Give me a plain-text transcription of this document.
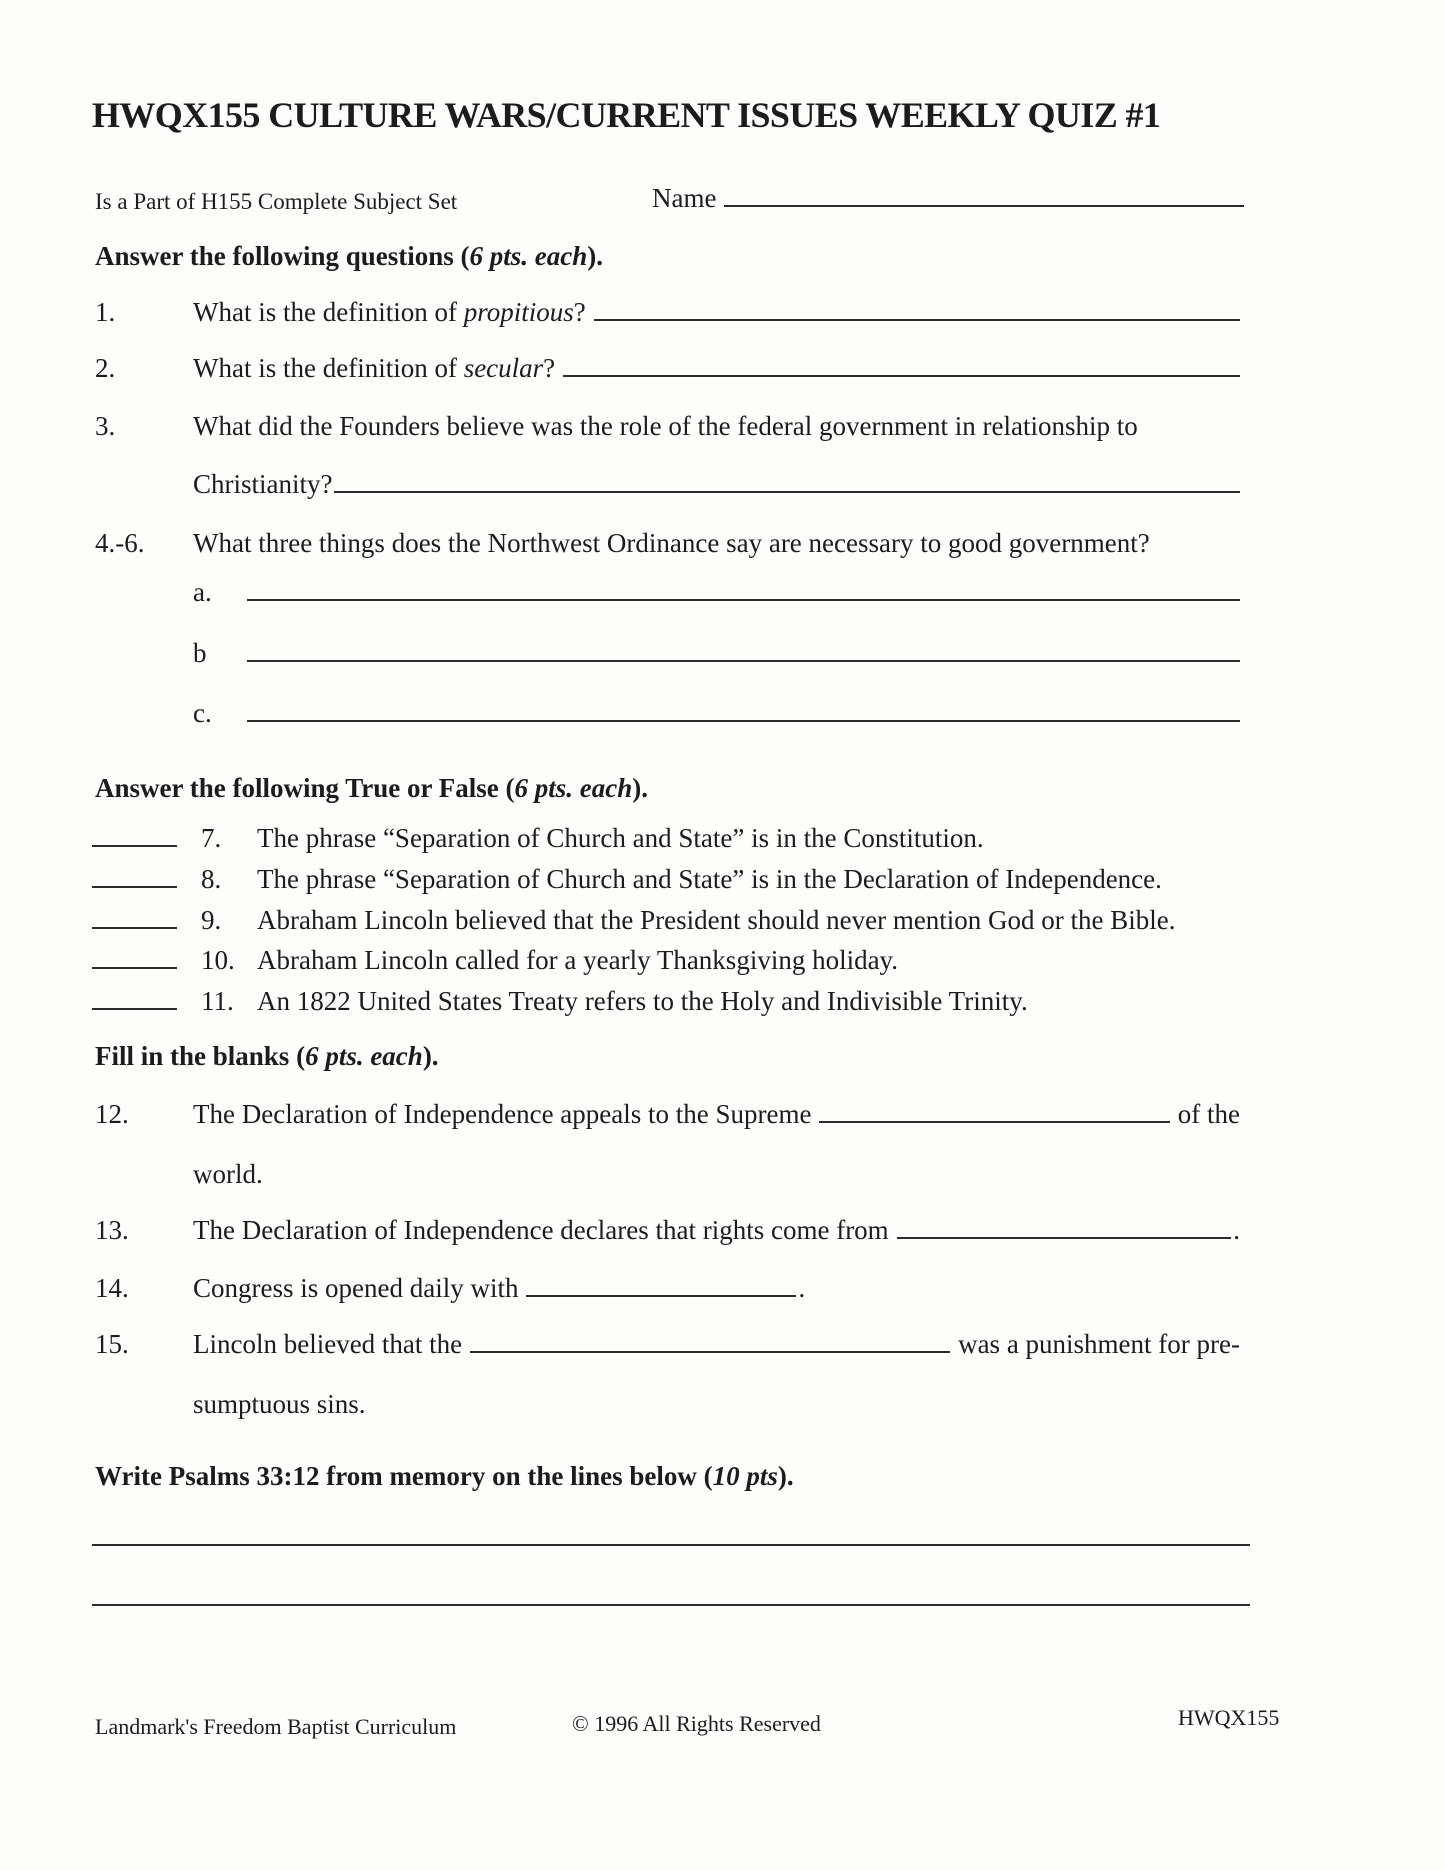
HWQX155 CULTURE WARS/CURRENT ISSUES WEEKLY QUIZ #1
Is a Part of H155 Complete Subject Set	Name
Answer the following questions ( 6 pts. each ).
1.	What is the definition of propitious?
2.	What is the definition of secular?
3.	What did the Founders believe was the role of the federal government in relationship to
Christianity?
4.-6.	What three things does the Northwest Ordinance say are necessary to good government?
a.
b
c.
Answer the following True or False ( 6 pts. each ).
7.	The phrase “Separation of Church and State” is in the Constitution.
8.	The phrase “Separation of Church and State” is in the Declaration of Independence.
9.	Abraham Lincoln believed that the President should never mention God or the Bible.
10. Abraham Lincoln called for a yearly Thanksgiving holiday.
11. An 1822 United States Treaty refers to the Holy and Indivisible Trinity.
Fill in the blanks ( 6 pts. each ).
12.	The Declaration of Independence appeals to the Supreme	of the
world.
13.	The Declaration of Independence declares that rights come from	.
14.	Congress is opened daily with	.
15.	Lincoln believed that the	was a punishment for pre-
sumptuous sins.
Write Psalms 33:12 from memory on the lines below ( 10 pts ).
Landmark's Freedom Baptist Curriculum	© 1996 All Rights Reserved	HWQX155
